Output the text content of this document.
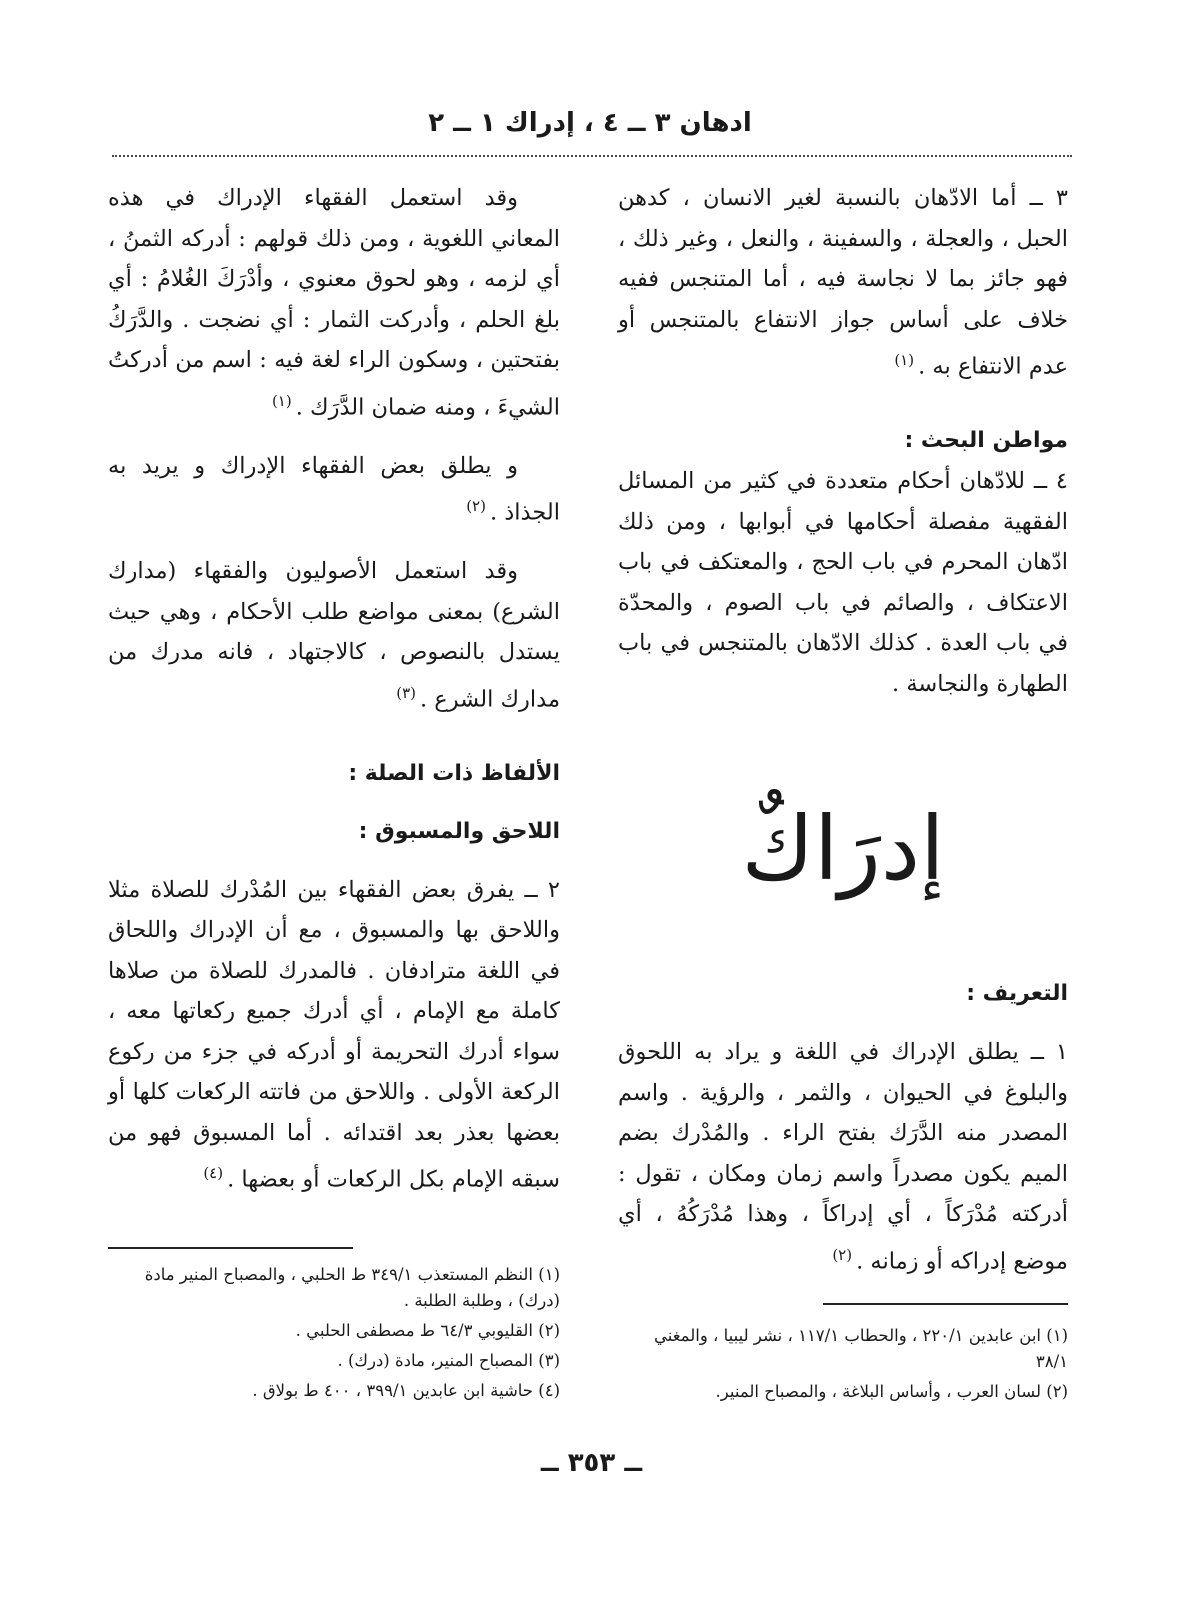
ادهان ٣ ــ ٤ ، إدراك ١ ــ ٢

٣ ــ أما الادّهان بالنسبة لغير الانسان ، كدهن الحبل ، والعجلة ، والسفينة ، والنعل ، وغير ذلك ، فهو جائز بما لا نجاسة فيه ، أما المتنجس ففيه خلاف على أساس جواز الانتفاع بالمتنجس أو عدم الانتفاع به .$^{(١)}$

مواطن البحث :

٤ ــ للادّهان أحكام متعددة في كثير من المسائل الفقهية مفصلة أحكامها في أبوابها ، ومن ذلك ادّهان المحرم في باب الحج ، والمعتكف في باب الاعتكاف ، والصائم في باب الصوم ، والمحدّة في باب العدة . كذلك الادّهان بالمتنجس في باب الطهارة والنجاسة .

إدرَاكٌ

التعريف :

١ ــ يطلق الإدراك في اللغة و يراد به اللحوق والبلوغ في الحيوان ، والثمر ، والرؤية . واسم المصدر منه الدَّرَك بفتح الراء . والمُدْرك بضم الميم يكون مصدراً واسم زمان ومكان ، تقول : أدركته مُدْرَكاً ، أي إدراكاً ، وهذا مُدْرَكُهُ ، أي موضع إدراكه أو زمانه .$^{(٢)}$

وقد استعمل الفقهاء الإدراك في هذه المعاني اللغوية ، ومن ذلك قولهم : أدركه الثمنُ ، أي لزمه ، وهو لحوق معنوي ، وأدْرَكَ الغُلامُ : أي بلغ الحلم ، وأدركت الثمار : أي نضجت . والدَّرَكُ بفتحتين ، وسكون الراء لغة فيه : اسم من أدركتُ الشيءَ ، ومنه ضمان الدَّرَك .$^{(١)}$

و يطلق بعض الفقهاء الإدراك و يريد به الجذاذ .$^{(٢)}$

وقد استعمل الأصوليون والفقهاء (مدارك الشرع) بمعنى مواضع طلب الأحكام ، وهي حيث يستدل بالنصوص ، كالاجتهاد ، فانه مدرك من مدارك الشرع .$^{(٣)}$

الألفاظ ذات الصلة :

اللاحق والمسبوق :

٢ ــ يفرق بعض الفقهاء بين المُدْرك للصلاة مثلا واللاحق بها والمسبوق ، مع أن الإدراك واللحاق في اللغة مترادفان . فالمدرك للصلاة من صلاها كاملة مع الإمام ، أي أدرك جميع ركعاتها معه ، سواء أدرك التحريمة أو أدركه في جزء من ركوع الركعة الأولى . واللاحق من فاتته الركعات كلها أو بعضها بعذر بعد اقتدائه . أما المسبوق فهو من سبقه الإمام بكل الركعات أو بعضها .$^{(٤)}$

(١) ابن عابدين ٢٢٠/١ ، والحطاب ١١٧/١ ، نشر ليبيا ، والمغني ٣٨/١
(٢) لسان العرب ، وأساس البلاغة ، والمصباح المنير.
(١) النظم المستعذب ٣٤٩/١ ط الحلبي ، والمصباح المنير مادة (درك) ، وطلبة الطلبة .
(٢) القليوبي ٦٤/٣ ط مصطفى الحلبي .
(٣) المصباح المنير، مادة (درك) .
(٤) حاشية ابن عابدين ٣٩٩/١ ، ٤٠٠ ط بولاق .
ــ ٣٥٣ ــ
